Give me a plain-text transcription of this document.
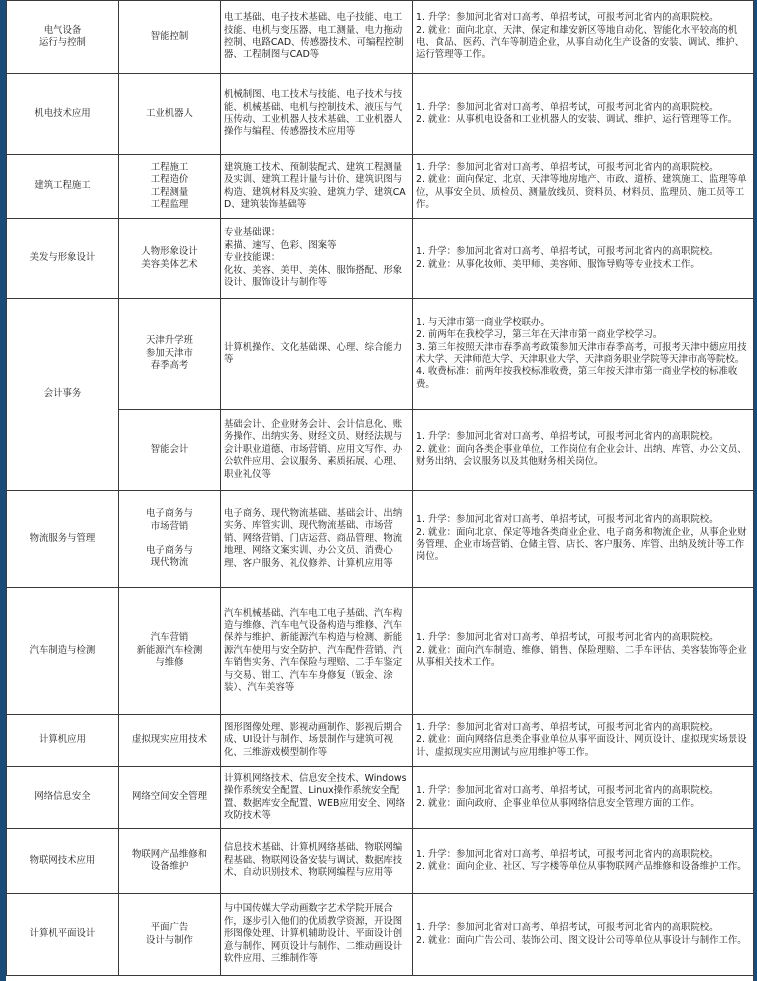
电气设备
运行与控制	智能控制	电工基础、电子技术基础、电子技能、电工技能、电机与变压器、电工测量、电力拖动控制、电路CAD、传感器技术、可编程控制器、工程制图与CAD等	1. 升学：参加河北省对口高考、单招考试，可报考河北省内的高职院校。
2. 就业：面向北京、天津、保定和雄安新区等地自动化、智能化水平较高的机电、食品、医药、汽车等制造企业，从事自动化生产设备的安装、调试、维护、运行管理等工作。

机电技术应用	工业机器人	机械制图、电工技术与技能、电子技术与技能、机械基础、电机与控制技术、液压与气压传动、工业机器人技术基础、工业机器人操作与编程、传感器技术应用等	1. 升学：参加河北省对口高考、单招考试，可报考河北省内的高职院校。
2. 就业：从事机电设备和工业机器人的安装、调试、维护、运行管理等工作。

建筑工程施工	工程施工
工程造价
工程测量
工程监理	建筑施工技术、预制装配式、建筑工程测量及实训、建筑工程计量与计价、建筑识图与构造、建筑材料及实验、建筑力学、建筑CAD、建筑装饰基础等	1. 升学：参加河北省对口高考、单招考试，可报考河北省内的高职院校。
2. 就业：面向保定、北京、天津等地房地产、市政、道桥、建筑施工、监理等单位，从事安全员、质检员、测量放线员、资料员、材料员、监理员、施工员等工作。

美发与形象设计	人物形象设计
美容美体艺术	专业基础课：
素描、速写、色彩、图案等
专业技能课：
化妆、美容、美甲、美体、服饰搭配、形象设计、服饰设计与制作等	1. 升学：参加河北省对口高考、单招考试，可报考河北省内的高职院校。
2. 就业：从事化妆师、美甲师、美容师、服饰导购等专业技术工作。

会计事务	天津升学班
参加天津市
春季高考	计算机操作、文化基础课、心理、综合能力等	1. 与天津市第一商业学校联办。
2. 前两年在我校学习，第三年在天津市第一商业学校学习。
3. 第三年按照天津市春季高考政策参加天津市春季高考，可报考天津中德应用技术大学、天津师范大学、天津职业大学、天津商务职业学院等天津市高等院校。
4. 收费标准：前两年按我校标准收费，第三年按天津市第一商业学校的标准收费。

	智能会计	基础会计、企业财务会计、会计信息化、账务操作、出纳实务、财经文员、财经法规与会计职业道德、市场营销、应用文写作、办公软件应用、会议服务、素质拓展、心理、职业礼仪等	1. 升学：参加河北省对口高考、单招考试，可报考河北省内的高职院校。
2. 就业：面向各类企事业单位，工作岗位有企业会计、出纳、库管、办公文员、财务出纳、会议服务以及其他财务相关岗位。

物流服务与管理	电子商务与
市场营销
电子商务与
现代物流	电子商务、现代物流基础、基础会计、出纳实务、库管实训、现代物流基础、市场营销、网络营销、门店运营、商品管理、物流地理、网络文案实训、办公文员、消费心理、客户服务、礼仪修养、计算机应用等	1. 升学：参加河北省对口高考、单招考试，可报考河北省内的高职院校。
2. 就业：面向北京、保定等地各类商业企业、电子商务和物流企业，从事企业财务管理、企业市场营销、仓储主管、店长、客户服务、库管、出纳及统计等工作岗位。

汽车制造与检测	汽车营销
新能源汽车检测
与维修	汽车机械基础、汽车电工电子基础、汽车构造与维修、汽车电气设备构造与维修、汽车保养与维护、新能源汽车构造与检测、新能源汽车使用与安全防护、汽车配件营销、汽车销售实务、汽车保险与理赔、二手车鉴定与交易、钳工、汽车车身修复（钣金、涂装）、汽车美容等	1. 升学：参加河北省对口高考、单招考试，可报考河北省内的高职院校。
2. 就业：面向汽车制造、维修、销售、保险理赔、二手车评估、美容装饰等企业从事相关技术工作。

计算机应用	虚拟现实应用技术	图形图像处理、影视动画制作、影视后期合成、UI设计与制作、场景制作与建筑可视化、三维游戏模型制作等	1. 升学：参加河北省对口高考、单招考试，可报考河北省内的高职院校。
2. 就业：面向网络信息类企事业单位从事平面设计、网页设计、虚拟现实场景设计、虚拟现实应用测试与应用维护等工作。

网络信息安全	网络空间安全管理	计算机网络技术、信息安全技术、Windows操作系统安全配置、Linux操作系统安全配置、数据库安全配置、WEB应用安全、网络攻防技术等	1. 升学：参加河北省对口高考、单招考试，可报考河北省内的高职院校。
2. 就业：面向政府、企事业单位从事网络信息安全管理方面的工作。

物联网技术应用	物联网产品维修和
设备维护	信息技术基础、计算机网络基础、物联网编程基础、物联网设备安装与调试、数据库技术、自动识别技术、物联网编程与应用等	1. 升学：参加河北省对口高考、单招考试，可报考河北省内的高职院校。
2. 就业：面向企业、社区、写字楼等单位从事物联网产品维修和设备维护工作。

计算机平面设计	平面广告
设计与制作	与中国传媒大学动画数字艺术学院开展合作，逐步引入他们的优质教学资源，开设图形图像处理、计算机辅助设计、平面设计创意与制作、网页设计与制作、二维动画设计软件应用、三维制作等	1. 升学：参加河北省对口高考、单招考试，可报考河北省内的高职院校。
2. 就业：面向广告公司、装饰公司、图文设计公司等单位从事设计与制作工作。
